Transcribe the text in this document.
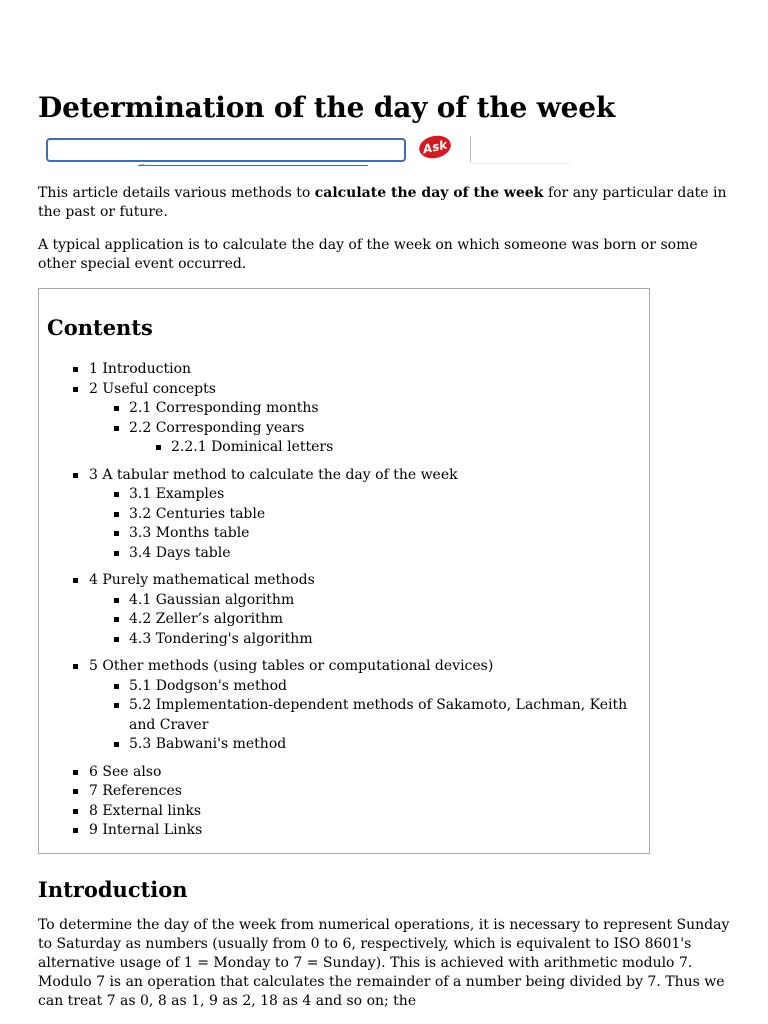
Determination of the day of the week
‾
Ask

This article details various methods to calculate the day of the week for any particular date in the past or future.

A typical application is to calculate the day of the week on which someone was born or some other special event occurred.

Contents
1 Introduction
2 Useful concepts
2.1 Corresponding months
2.2 Corresponding years
2.2.1 Dominical letters
3 A tabular method to calculate the day of the week
3.1 Examples
3.2 Centuries table
3.3 Months table
3.4 Days table
4 Purely mathematical methods
4.1 Gaussian algorithm
4.2 Zeller’s algorithm
4.3 Tondering's algorithm
5 Other methods (using tables or computational devices)
5.1 Dodgson's method
5.2 Implementation-dependent methods of Sakamoto, Lachman, Keith and Craver
5.3 Babwani's method
6 See also
7 References
8 External links
9 Internal Links
Introduction

To determine the day of the week from numerical operations, it is necessary to represent Sunday to Saturday as numbers (usually from 0 to 6, respectively, which is equivalent to ISO 8601's alternative usage of 1 = Monday to 7 = Sunday). This is achieved with arithmetic modulo 7. Modulo 7 is an operation that calculates the remainder of a number being divided by 7. Thus we can treat 7 as 0, 8 as 1, 9 as 2, 18 as 4 and so on; the
